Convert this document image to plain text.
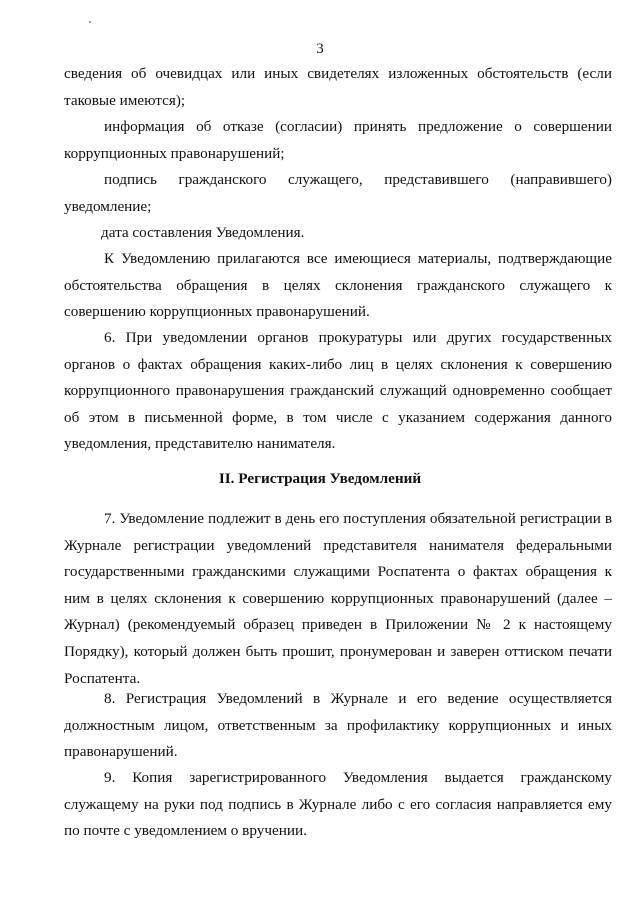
3

сведения об очевидцах или иных свидетелях изложенных обстоятельств (если таковые имеются);

информация об отказе (согласии) принять предложение о совершении коррупционных правонарушений;

подпись гражданского служащего, представившего (направившего) уведомление;

дата составления Уведомления.

К Уведомлению прилагаются все имеющиеся материалы, подтверждающие обстоятельства обращения в целях склонения гражданского служащего к совершению коррупционных правонарушений.

6. При уведомлении органов прокуратуры или других государственных органов о фактах обращения каких-либо лиц в целях склонения к совершению коррупционного правонарушения гражданский служащий одновременно сообщает об этом в письменной форме, в том числе с указанием содержания данного уведомления, представителю нанимателя.

II. Регистрация Уведомлений

7. Уведомление подлежит в день его поступления обязательной регистрации в Журнале регистрации уведомлений представителя нанимателя федеральными государственными гражданскими служащими Роспатента о фактах обращения к ним в целях склонения к совершению коррупционных правонарушений (далее – Журнал) (рекомендуемый образец приведен в Приложении № 2 к настоящему Порядку), который должен быть прошит, пронумерован и заверен оттиском печати Роспатента.

8. Регистрация Уведомлений в Журнале и его ведение осуществляется должностным лицом, ответственным за профилактику коррупционных и иных правонарушений.

9. Копия зарегистрированного Уведомления выдается гражданскому служащему на руки под подпись в Журнале либо с его согласия направляется ему по почте с уведомлением о вручении.
